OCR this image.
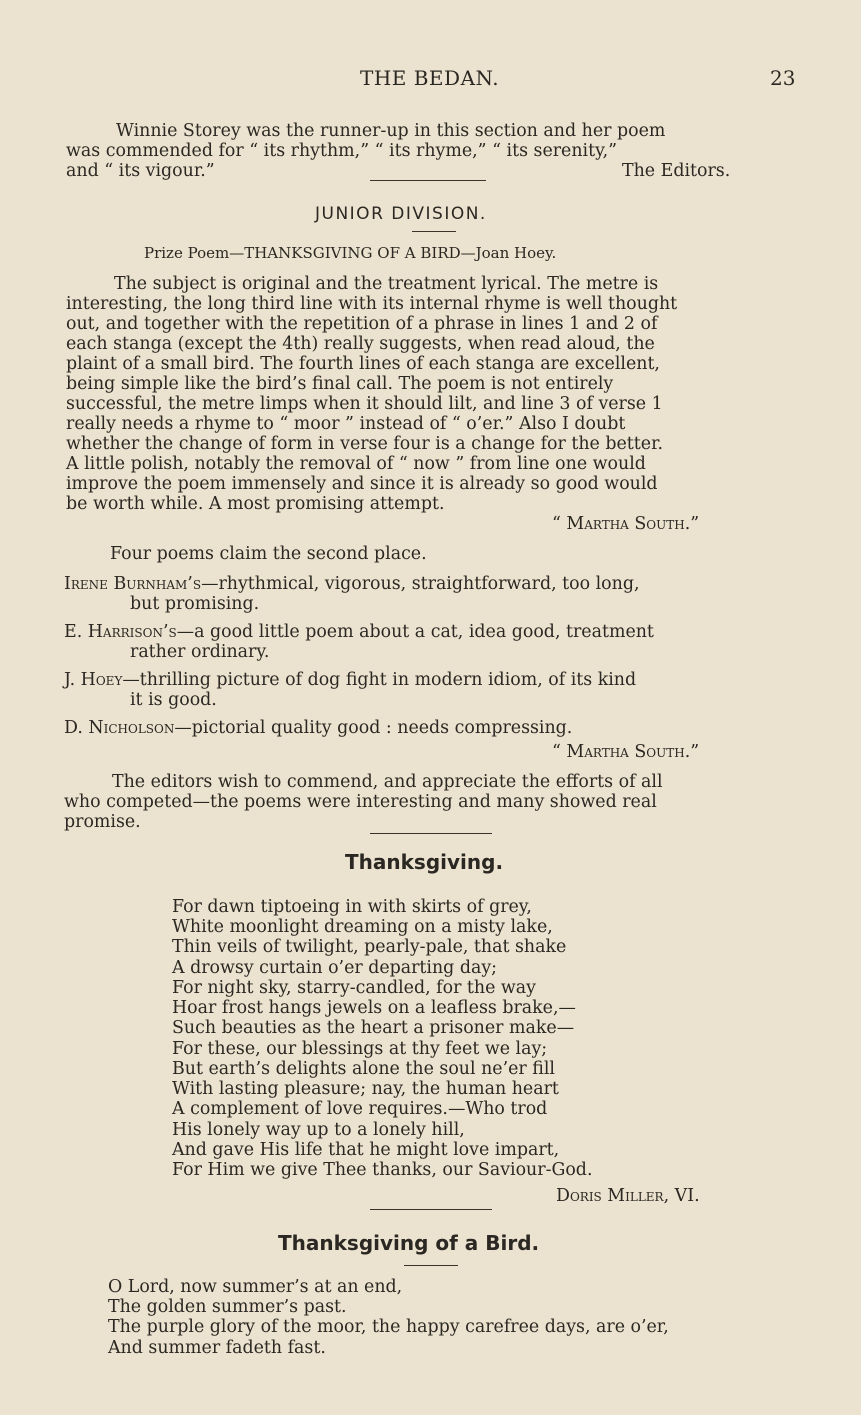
THE BEDAN.	23
Winnie Storey was the runner-up in this section and her poem
was commended for “ its rhythm,” “ its rhyme,” “ its serenity,”
and “ its vigour.”	The Editors.
JUNIOR DIVISION.
Prize Poem—THANKSGIVING OF A BIRD—Joan Hoey.
The subject is original and the treatment lyrical. The metre is
interesting, the long third line with its internal rhyme is well thought
out, and together with the repetition of a phrase in lines 1 and 2 of
each stanga (except the 4th) really suggests, when read aloud, the
plaint of a small bird. The fourth lines of each stanga are excellent,
being simple like the bird’s final call. The poem is not entirely
successful, the metre limps when it should lilt, and line 3 of verse 1
really needs a rhyme to “ moor ” instead of “ o’er.” Also I doubt
whether the change of form in verse four is a change for the better.
A little polish, notably the removal of “ now ” from line one would
improve the poem immensely and since it is already so good would
be worth while. A most promising attempt.
“ Martha South.”
Four poems claim the second place.
Irene Burnham’s—rhythmical, vigorous, straightforward, too long,
but promising.
E. Harrison’s—a good little poem about a cat, idea good, treatment
rather ordinary.
J. Hoey—thrilling picture of dog fight in modern idiom, of its kind
it is good.
D. Nicholson—pictorial quality good : needs compressing.
“ Martha South.”
The editors wish to commend, and appreciate the efforts of all
who competed—the poems were interesting and many showed real
promise.
Thanksgiving.
For dawn tiptoeing in with skirts of grey,
White moonlight dreaming on a misty lake,
Thin veils of twilight, pearly-pale, that shake
A drowsy curtain o’er departing day;
For night sky, starry-candled, for the way
Hoar frost hangs jewels on a leafless brake,—
Such beauties as the heart a prisoner make—
For these, our blessings at thy feet we lay;
But earth’s delights alone the soul ne’er fill
With lasting pleasure; nay, the human heart
A complement of love requires.—Who trod
His lonely way up to a lonely hill,
And gave His life that he might love impart,
For Him we give Thee thanks, our Saviour-God.
Doris Miller, VI.
Thanksgiving of a Bird.
O Lord, now summer’s at an end,
The golden summer’s past.
The purple glory of the moor, the happy carefree days, are o’er,
And summer fadeth fast.
